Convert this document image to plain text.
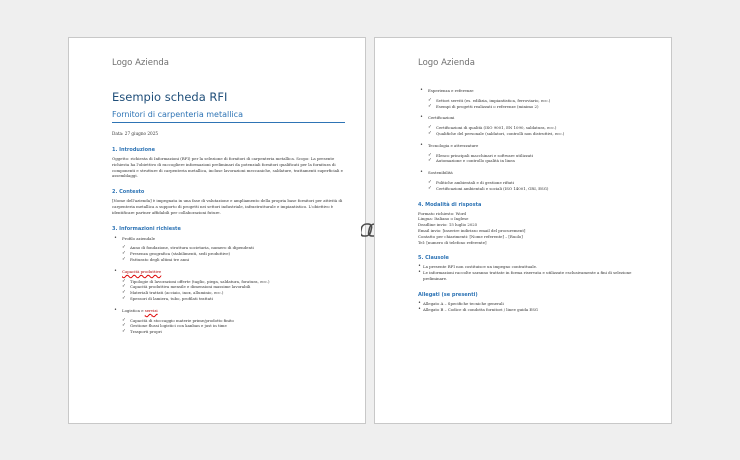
Logo Azienda
Esempio scheda RFI
Fornitori di carpenteria metallica
Data: 27 giugno 2025
1. Introduzione
Oggetto: richiesta di Informazioni (RFI) per la selezione di fornitori di carpenteria metallica. Scopo: La presente richiesta ha l'obiettivo di raccogliere informazioni preliminari da potenziali fornitori qualificati per la fornitura di componenti e strutture di carpenteria metallica, incluse lavorazioni meccaniche, saldature, trattamenti superficiali e assemblaggi.
2. Contesto
[Nome dell'azienda] è impegnata in una fase di valutazione e ampliamento della propria base fornitori per attività di carpenteria metallica a supporto di progetti nei settori industriale, infrastrutturale e impiantistico. L'obiettivo è identificare partner affidabili per collaborazioni future.
3. Informazioni richieste
• Profilo aziendale
✓ Anno di fondazione, struttura societaria, numero di dipendenti
✓ Presenza geografica (stabilimenti, sedi produttive)
✓ Fatturato degli ultimi tre anni
• Capacità produttive
✓ Tipologie di lavorazioni offerte (taglio, piega, saldatura, foratura, ecc.)
✓ Capacità produttiva mensile e dimensioni massime lavorabili
✓ Materiali trattati (acciaio, inox, alluminio, ecc.)
✓ Spessori di lamiera, tubo, profilati trattati
• Logistica e servizi
✓ Capacità di stoccaggio materie prime/prodotto finito
✓ Gestione flussi logistici con kanban e just in time
✓ Trasporti propri
Logo Azienda
• Esperienza e referenze
✓ Settori serviti (es. edilizia, impiantistica, ferroviario, ecc.)
✓ Esempi di progetti realizzati o referenze (minimo 2)
• Certificazioni
✓ Certificazioni di qualità (ISO 9001, EN 1090, saldatura, ecc.)
✓ Qualifiche del personale (saldatori, controlli non distruttivi, ecc.)
• Tecnologia e attrezzature
✓ Elenco principali macchinari e software utilizzati
✓ Automazione e controllo qualità in linea
• Sostenibilità
✓ Politiche ambientali e di gestione rifiuti
✓ Certificazioni ambientali e sociali (ISO 14001, GRI, ESG)
4. Modalità di risposta
Formato richiesto: Word
Lingua: Italiano o Inglese
Deadline invio: 15 luglio 2025
Email invio: [inserire indirizzo email del procurement]
Contatto per chiarimenti: [Nome referente] – [Ruolo]
Tel: [numero di telefono referente]
5. Clausole
• La presente RFI non costituisce un impegno contrattuale.
• Le informazioni raccolte saranno trattate in forma riservata e utilizzate esclusivamente a fini di selezione preliminare.
Allegati (se presenti)
• Allegato A – Specifiche tecniche generali
• Allegato B – Codice di condotta fornitori / linee guida ESG
